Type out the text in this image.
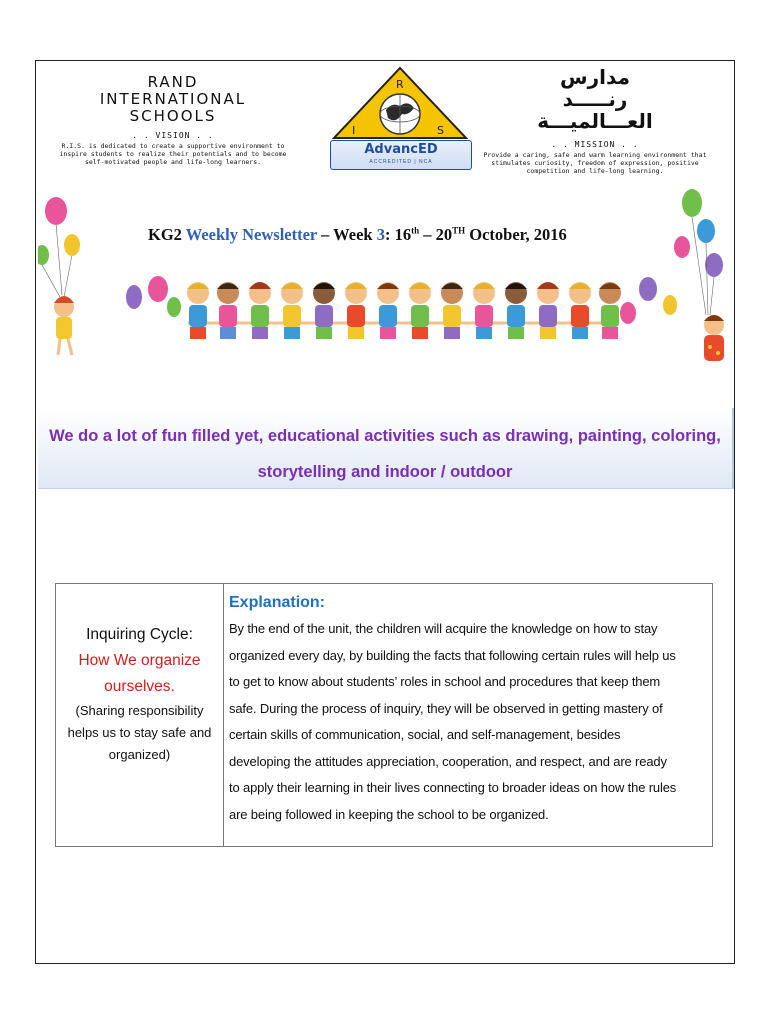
RAND
INTERNATIONAL
SCHOOLS
. . VISION . .
R.I.S. is dedicated to create a supportive environment to inspire students to realize their potentials and to become self-motivated people and life-long learners.
R
I	S
AdvancED
ACCREDITED | NCA
مدارس
رنـــــد
العـــالميـــة
. . MISSION . .
Provide a caring, safe and warm learning environment that stimulates curiosity, freedom of expression, positive competition and life-long learning.
KG2 Weekly Newsletter – Week 3: 16th – 20TH October, 2016
We do a lot of fun filled yet, educational activities such as drawing, painting, coloring,
storytelling and indoor / outdoor
Inquiring Cycle:
How We organize
ourselves.
(Sharing responsibility
helps us to stay safe and
organized)
Explanation:
By the end of the unit, the children will acquire the knowledge on how to stay
organized every day, by building the facts that following certain rules will help us
to get to know about students’ roles in school and procedures that keep them
safe. During the process of inquiry, they will be observed in getting mastery of
certain skills of communication, social, and self-management, besides
developing the attitudes appreciation, cooperation, and respect, and are ready
to apply their learning in their lives connecting to broader ideas on how the rules
are being followed in keeping the school to be organized.
